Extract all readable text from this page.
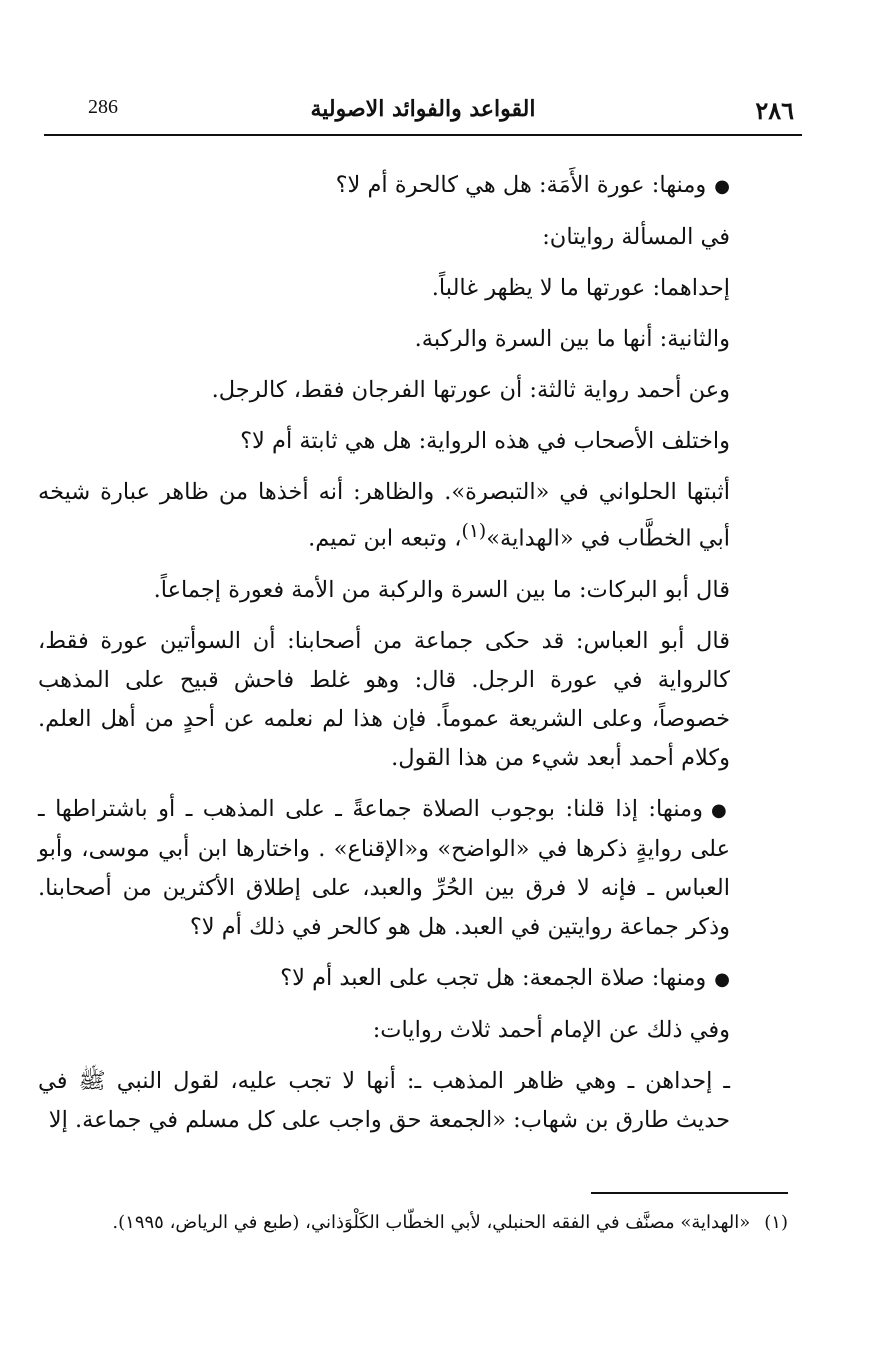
٢٨٦
القواعد والفوائد الاصولية
286

●ومنها: عورة الأَمَة: هل هي كالحرة أم لا؟

في المسألة روايتان:

إحداهما: عورتها ما لا يظهر غالباً.

والثانية: أنها ما بين السرة والركبة.

وعن أحمد رواية ثالثة: أن عورتها الفرجان فقط، كالرجل.

واختلف الأصحاب في هذه الرواية: هل هي ثابتة أم لا؟

أثبتها الحلواني في «التبصرة». والظاهر: أنه أخذها من ظاهر عبارة شيخه أبي الخطَّاب في «الهداية»$^{(١)}$، وتبعه ابن تميم.

قال أبو البركات: ما بين السرة والركبة من الأمة فعورة إجماعاً.

قال أبو العباس: قد حكى جماعة من أصحابنا: أن السوأتين عورة فقط، كالرواية في عورة الرجل. قال: وهو غلط فاحش قبيح على المذهب خصوصاً، وعلى الشريعة عموماً. فإن هذا لم نعلمه عن أحدٍ من أهل العلم. وكلام أحمد أبعد شيء من هذا القول.

●ومنها: إذا قلنا: بوجوب الصلاة جماعةً ـ على المذهب ـ أو باشتراطها ـ على روايةٍ ذكرها في «الواضح» و«الإقناع» . واختارها ابن أبي موسى، وأبو العباس ـ فإنه لا فرق بين الحُرِّ والعبد، على إطلاق الأكثرين من أصحابنا. وذكر جماعة روايتين في العبد. هل هو كالحر في ذلك أم لا؟

●ومنها: صلاة الجمعة: هل تجب على العبد أم لا؟

وفي ذلك عن الإمام أحمد ثلاث روايات:

ـ إحداهن ـ وهي ظاهر المذهب ـ: أنها لا تجب عليه، لقول النبي ﷺ في حديث طارق بن شهاب: «الجمعة حق واجب على كل مسلم في جماعة. إلا

(١)«الهداية» مصنَّف في الفقه الحنبلي، لأبي الخطّاب الكَلْوَذاني، (طبع في الرياض، ١٩٩٥).
